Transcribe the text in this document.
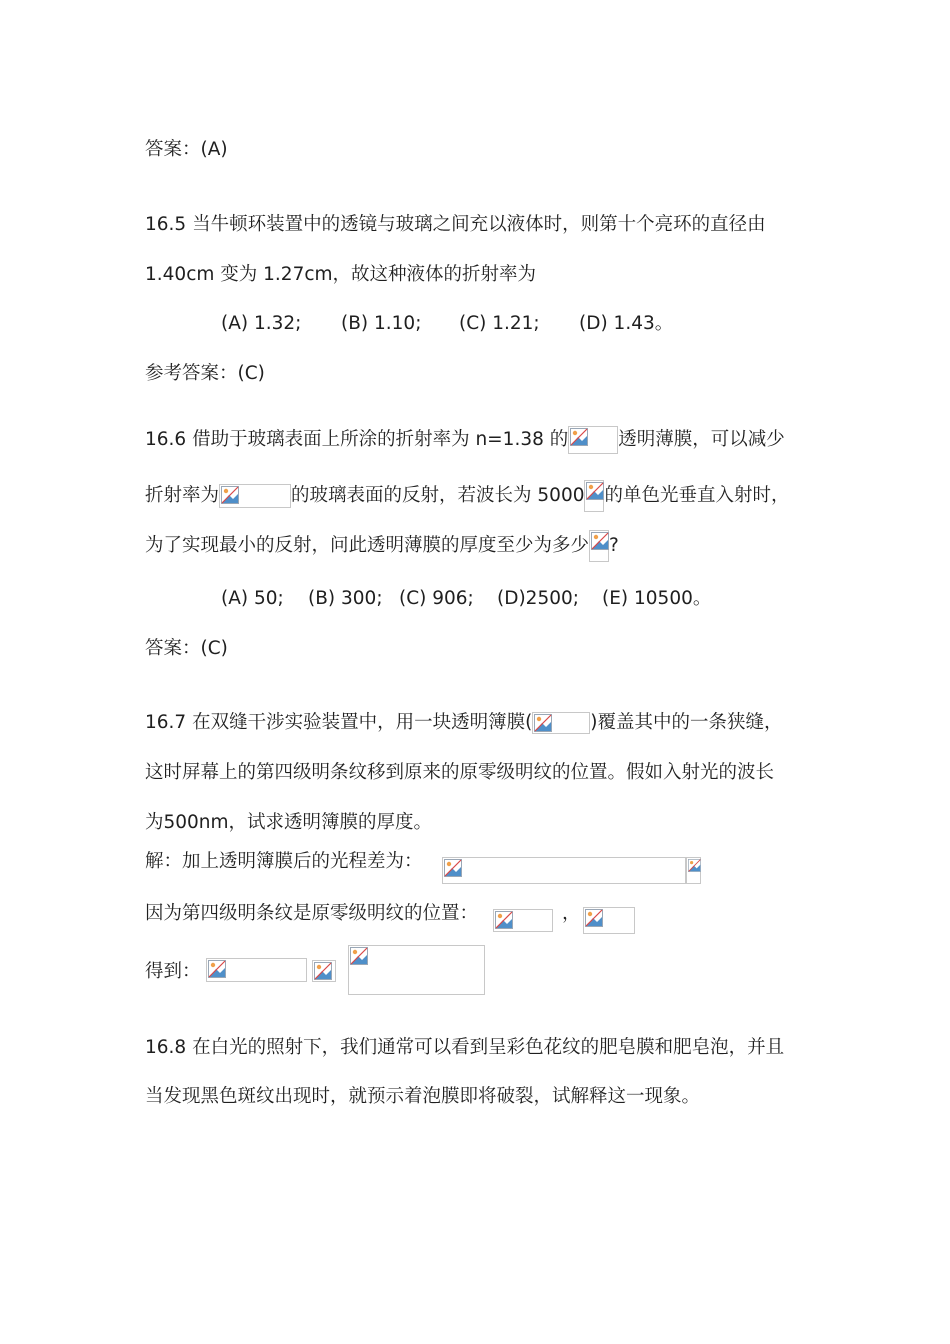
答案：(A)
16.5 当牛顿环装置中的透镜与玻璃之间充以液体时，则第十个亮环的直径由
1.40cm 变为 1.27cm，故这种液体的折射率为
(A) 1.32; (B) 1.10; (C) 1.21; (D) 1.43。
参考答案：(C)
16.6 借助于玻璃表面上所涂的折射率为 n=1.38 的	透明薄膜，可以减少
折射率为	的玻璃表面的反射，若波长为 5000 的单色光垂直入射时，
为了实现最小的反射，问此透明薄膜的厚度至少为多少 ?
(A) 50; (B) 300; (C) 906; (D)2500; (E) 10500。
答案：(C)
16.7 在双缝干涉实验装置中，用一块透明簿膜(	)覆盖其中的一条狭缝，
这时屏幕上的第四级明条纹移到原来的原零级明纹的位置。假如入射光的波长
为500nm，试求透明簿膜的厚度。
解：加上透明簿膜后的光程差为：
因为第四级明条纹是原零级明纹的位置：	，
得到：
16.8 在白光的照射下，我们通常可以看到呈彩色花纹的肥皂膜和肥皂泡，并且
当发现黑色斑纹出现时，就预示着泡膜即将破裂，试解释这一现象。
